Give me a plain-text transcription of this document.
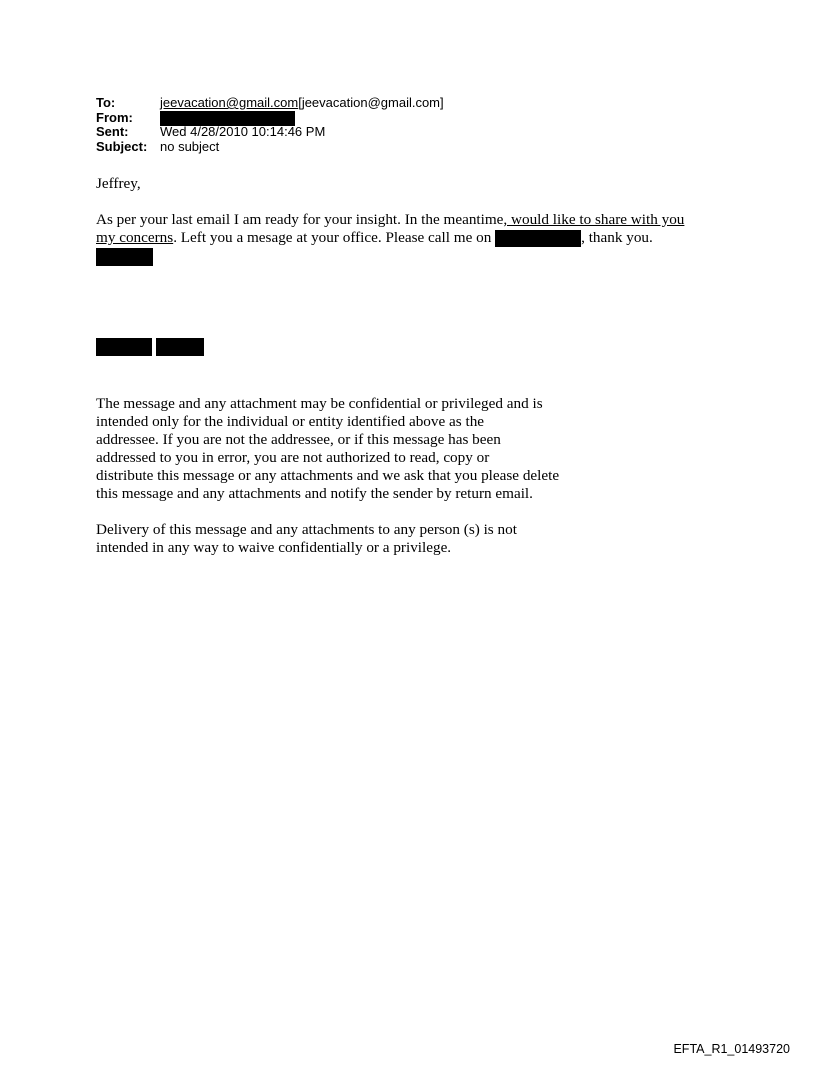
To:	jeevacation@gmail.com[jeevacation@gmail.com]
From:
Sent:	Wed 4/28/2010 10:14:46 PM
Subject: no subject
Jeffrey,
As per your last email I am ready for your insight. In the meantime, would like to share with you
my concerns. Left you a mesage at your office. Please call me on	, thank you.
The message and any attachment may be confidential or privileged and is
intended only for the individual or entity identified above as the
addressee. If you are not the addressee, or if this message has been
addressed to you in error, you are not authorized to read, copy or
distribute this message or any attachments and we ask that you please delete
this message and any attachments and notify the sender by return email.
Delivery of this message and any attachments to any person (s) is not
intended in any way to waive confidentially or a privilege.
EFTA_R1_01493720
